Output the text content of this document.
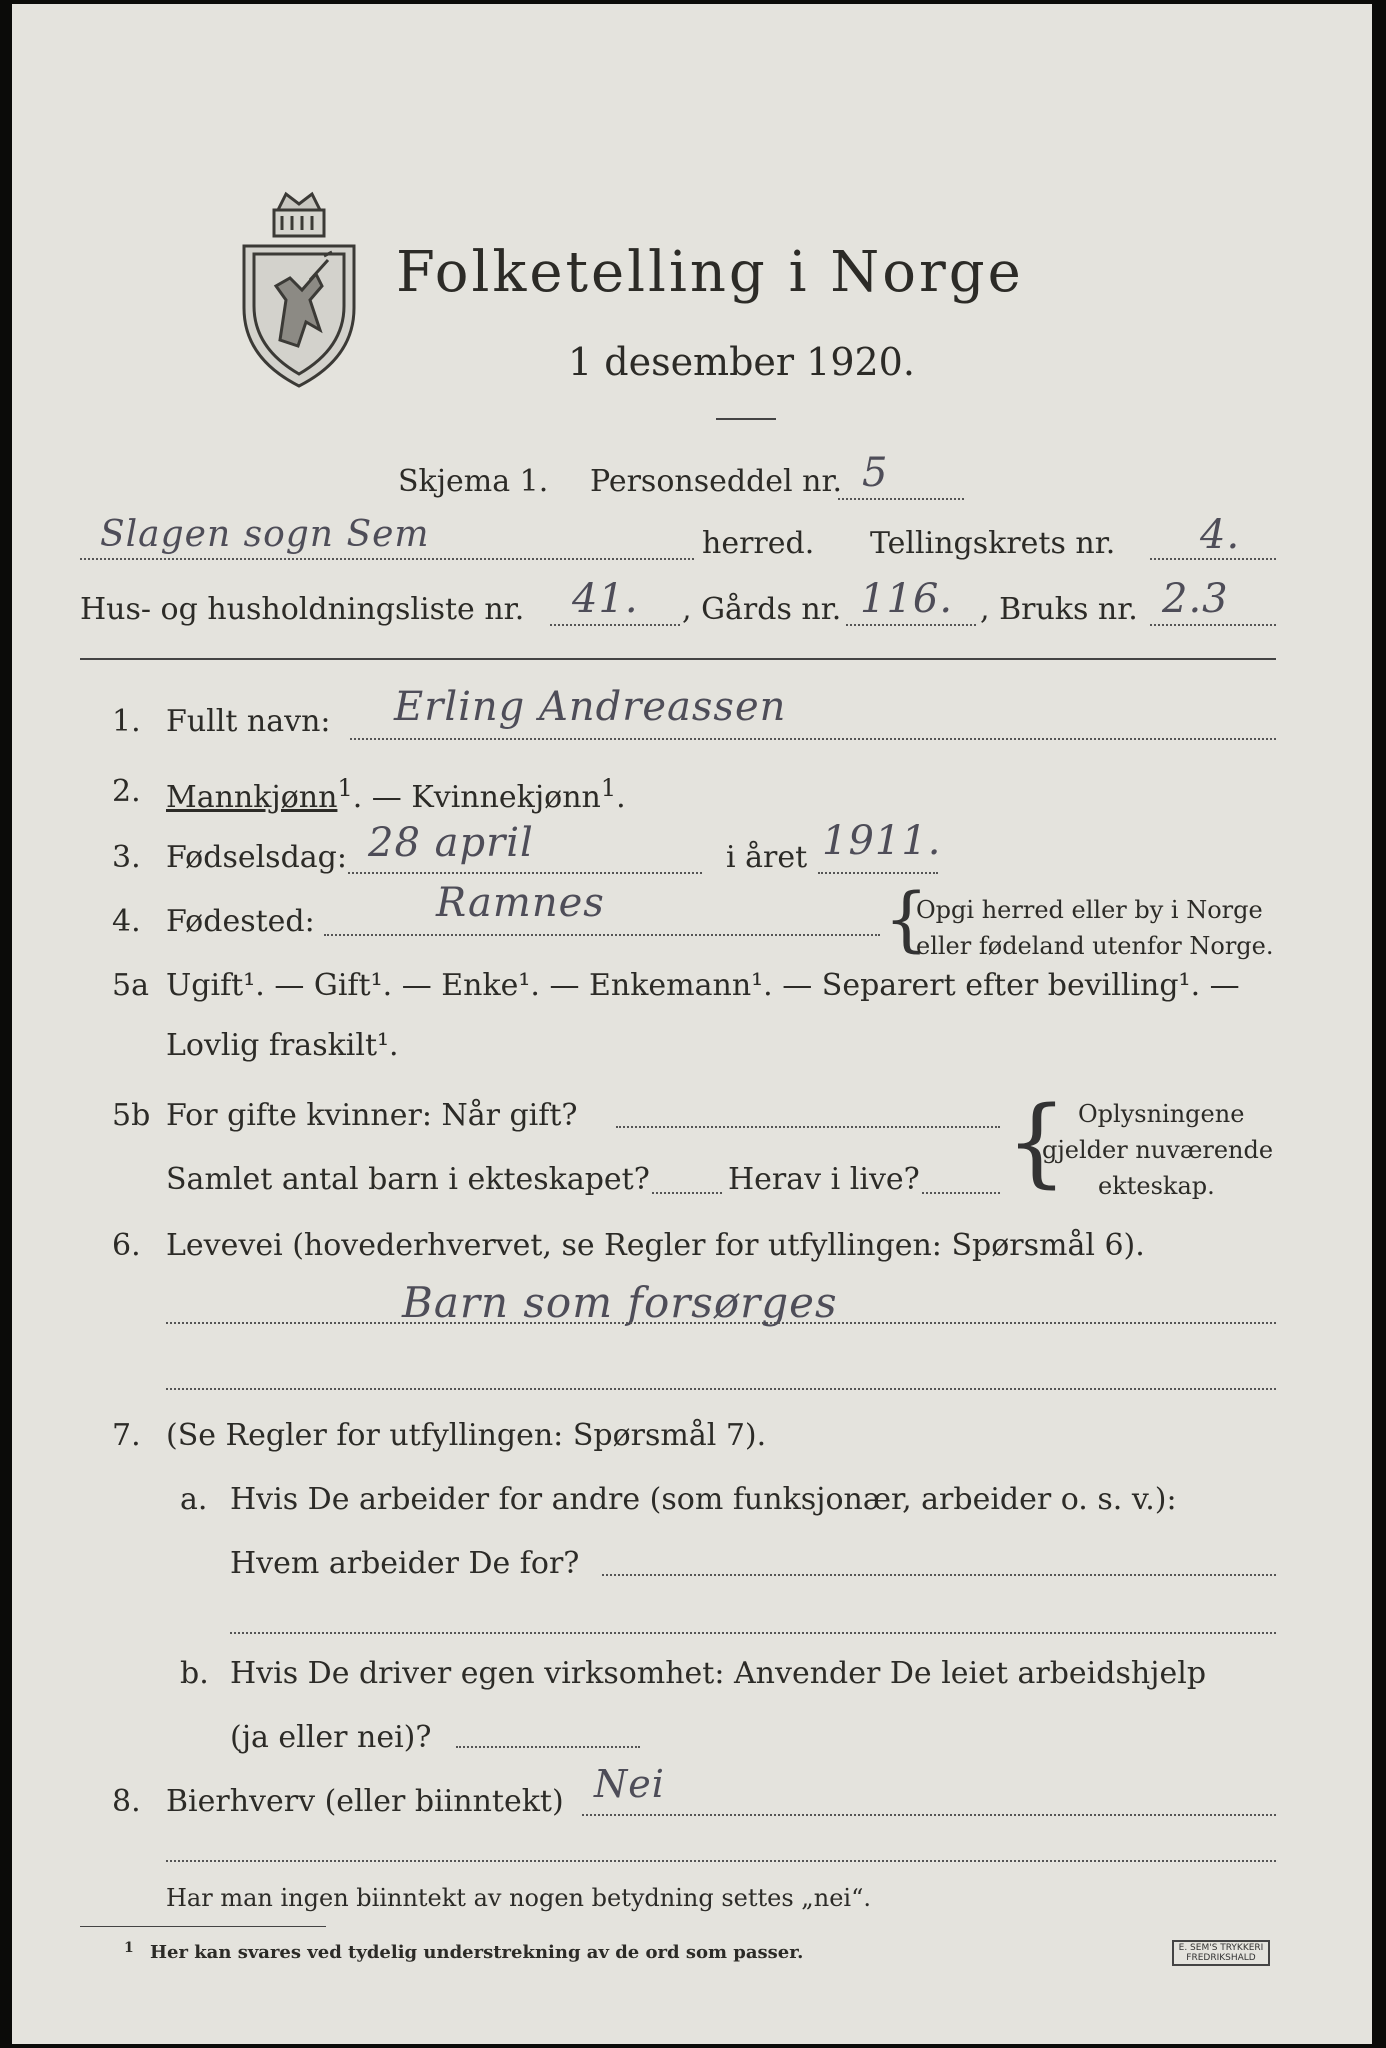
Folketelling i Norge
1 desember 1920.
Skjema 1. Personseddel nr. 5
Slagen sogn Sem	herred. Tellingskrets nr. 4.
Hus- og husholdningsliste nr. 41. , Gårds nr. 116. , Bruks nr. 2.3
1. Fullt navn: Erling Andreassen
2. Mannkjønn$^1$. — Kvinnekjønn$^1$.
3. Fødselsdag: 28 april	i året 1911.
4. Fødested:	Ramnes	{
Opgi herred eller by i Norge
eller fødeland utenfor Norge.
5a Ugift¹. — Gift¹. — Enke¹. — Enkemann¹. — Separert efter bevilling¹. —
Lovlig fraskilt¹.
5b For gifte kvinner: Når gift?
Samlet antal barn i ekteskapet?	Herav i live? { Oplysningene
gjelder nuværende
ekteskap.
6. Levevei (hovederhvervet, se Regler for utfyllingen: Spørsmål 6).
Barn som forsørges
7. (Se Regler for utfyllingen: Spørsmål 7).
a. Hvis De arbeider for andre (som funksjonær, arbeider o. s. v.):
Hvem arbeider De for?
b. Hvis De driver egen virksomhet: Anvender De leiet arbeidshjelp
(ja eller nei)?
8. Bierhverv (eller biinntekt) Nei
Har man ingen biinntekt av nogen betydning settes „nei“.
1 Her kan svares ved tydelig understrekning av de ord som passer.	E. SEM'S TRYKKERI FREDRIKSHALD
